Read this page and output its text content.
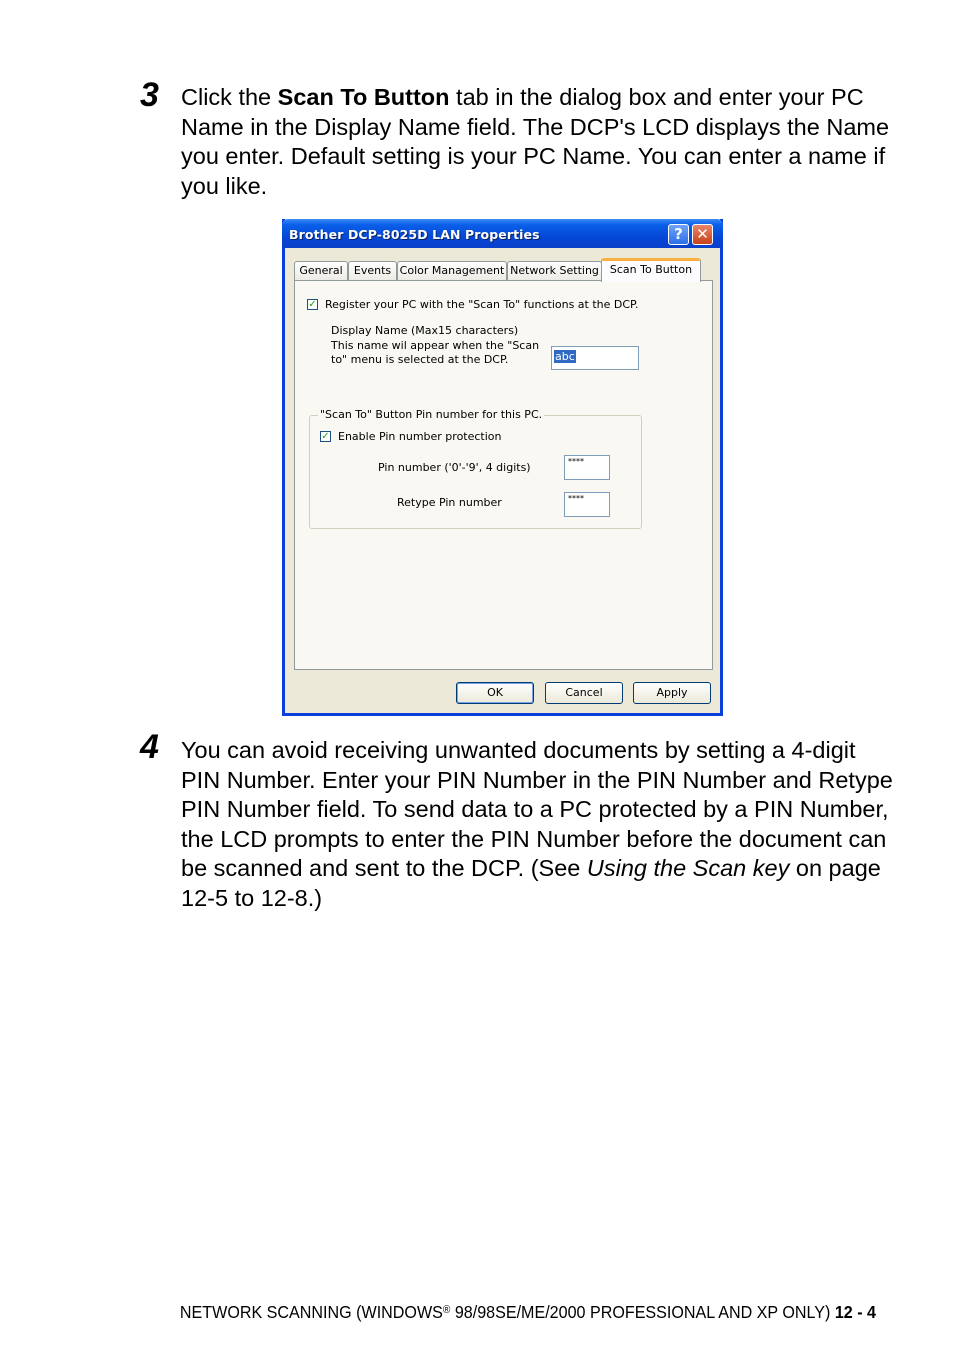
3 Click the Scan To Button tab in the dialog box and enter your PC Name in the Display Name field. The DCP's LCD displays the Name you enter. Default setting is your PC Name. You can enter a name if you like.
Brother DCP-8025D LAN Properties	? ✕
General	Events Color Management Network Setting	Scan To Button
✓ Register your PC with the "Scan To" functions at the DCP.
Display Name (Max15 characters)
This name wil appear when the "Scan
to" menu is selected at the DCP.	abc
"Scan To" Button Pin number for this PC.
✓ Enable Pin number protection
Pin number ('0'-'9', 4 digits)	****
Retype Pin number	****
OK	Cancel	Apply
4 You can avoid receiving unwanted documents by setting a 4-digit PIN Number. Enter your PIN Number in the PIN Number and Retype PIN Number field. To send data to a PC protected by a PIN Number, the LCD prompts to enter the PIN Number before the document can be scanned and sent to the DCP. (See Using the Scan key on page 12-5 to 12-8.)
NETWORK SCANNING (WINDOWS® 98/98SE/ME/2000 PROFESSIONAL AND XP ONLY) 12 - 4
